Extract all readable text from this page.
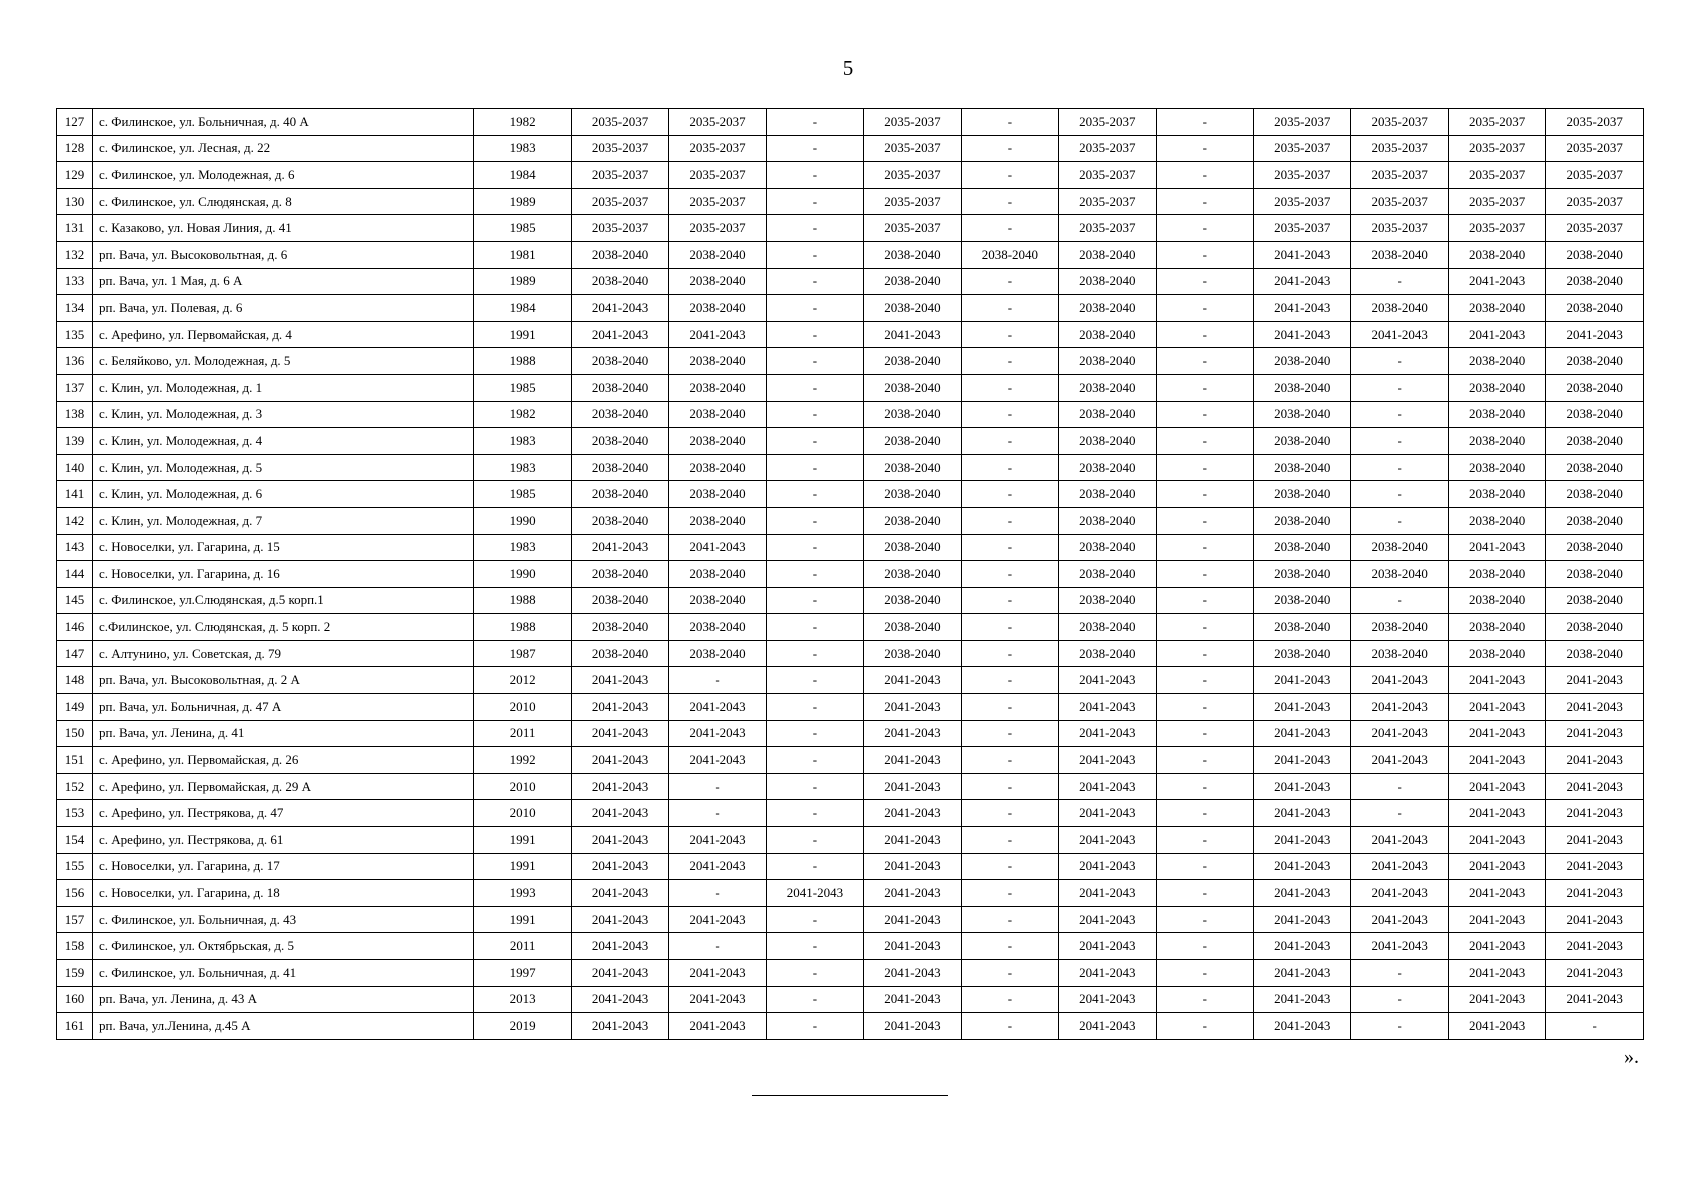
5
127	с. Филинское, ул. Больничная, д. 40 А	1982	2035-2037	2035-2037	-	2035-2037	-	2035-2037	-	2035-2037	2035-2037	2035-2037	2035-2037
128	с. Филинское, ул. Лесная, д. 22	1983	2035-2037	2035-2037	-	2035-2037	-	2035-2037	-	2035-2037	2035-2037	2035-2037	2035-2037
129	с. Филинское, ул. Молодежная, д. 6	1984	2035-2037	2035-2037	-	2035-2037	-	2035-2037	-	2035-2037	2035-2037	2035-2037	2035-2037
130	с. Филинское, ул. Слюдянская, д. 8	1989	2035-2037	2035-2037	-	2035-2037	-	2035-2037	-	2035-2037	2035-2037	2035-2037	2035-2037
131	с. Казаково, ул. Новая Линия, д. 41	1985	2035-2037	2035-2037	-	2035-2037	-	2035-2037	-	2035-2037	2035-2037	2035-2037	2035-2037
132	рп. Вача, ул. Высоковольтная, д. 6	1981	2038-2040	2038-2040	-	2038-2040	2038-2040	2038-2040	-	2041-2043	2038-2040	2038-2040	2038-2040
133	рп. Вача, ул. 1 Мая, д. 6 А	1989	2038-2040	2038-2040	-	2038-2040	-	2038-2040	-	2041-2043	-	2041-2043	2038-2040
134	рп. Вача, ул. Полевая, д. 6	1984	2041-2043	2038-2040	-	2038-2040	-	2038-2040	-	2041-2043	2038-2040	2038-2040	2038-2040
135	с. Арефино, ул. Первомайская, д. 4	1991	2041-2043	2041-2043	-	2041-2043	-	2038-2040	-	2041-2043	2041-2043	2041-2043	2041-2043
136	с. Беляйково, ул. Молодежная, д. 5	1988	2038-2040	2038-2040	-	2038-2040	-	2038-2040	-	2038-2040	-	2038-2040	2038-2040
137	с. Клин, ул. Молодежная, д. 1	1985	2038-2040	2038-2040	-	2038-2040	-	2038-2040	-	2038-2040	-	2038-2040	2038-2040
138	с. Клин, ул. Молодежная, д. 3	1982	2038-2040	2038-2040	-	2038-2040	-	2038-2040	-	2038-2040	-	2038-2040	2038-2040
139	с. Клин, ул. Молодежная, д. 4	1983	2038-2040	2038-2040	-	2038-2040	-	2038-2040	-	2038-2040	-	2038-2040	2038-2040
140	с. Клин, ул. Молодежная, д. 5	1983	2038-2040	2038-2040	-	2038-2040	-	2038-2040	-	2038-2040	-	2038-2040	2038-2040
141	с. Клин, ул. Молодежная, д. 6	1985	2038-2040	2038-2040	-	2038-2040	-	2038-2040	-	2038-2040	-	2038-2040	2038-2040
142	с. Клин, ул. Молодежная, д. 7	1990	2038-2040	2038-2040	-	2038-2040	-	2038-2040	-	2038-2040	-	2038-2040	2038-2040
143	с. Новоселки, ул. Гагарина, д. 15	1983	2041-2043	2041-2043	-	2038-2040	-	2038-2040	-	2038-2040	2038-2040	2041-2043	2038-2040
144	с. Новоселки, ул. Гагарина, д. 16	1990	2038-2040	2038-2040	-	2038-2040	-	2038-2040	-	2038-2040	2038-2040	2038-2040	2038-2040
145	с. Филинское, ул.Слюдянская, д.5 корп.1	1988	2038-2040	2038-2040	-	2038-2040	-	2038-2040	-	2038-2040	-	2038-2040	2038-2040
146	с.Филинское, ул. Слюдянская, д. 5 корп. 2	1988	2038-2040	2038-2040	-	2038-2040	-	2038-2040	-	2038-2040	2038-2040	2038-2040	2038-2040
147	с. Алтунино, ул. Советская, д. 79	1987	2038-2040	2038-2040	-	2038-2040	-	2038-2040	-	2038-2040	2038-2040	2038-2040	2038-2040
148	рп. Вача, ул. Высоковольтная, д. 2 А	2012	2041-2043	-	-	2041-2043	-	2041-2043	-	2041-2043	2041-2043	2041-2043	2041-2043
149	рп. Вача, ул. Больничная, д. 47 А	2010	2041-2043	2041-2043	-	2041-2043	-	2041-2043	-	2041-2043	2041-2043	2041-2043	2041-2043
150	рп. Вача, ул. Ленина, д. 41	2011	2041-2043	2041-2043	-	2041-2043	-	2041-2043	-	2041-2043	2041-2043	2041-2043	2041-2043
151	с. Арефино, ул. Первомайская, д. 26	1992	2041-2043	2041-2043	-	2041-2043	-	2041-2043	-	2041-2043	2041-2043	2041-2043	2041-2043
152	с. Арефино, ул. Первомайская, д. 29 А	2010	2041-2043	-	-	2041-2043	-	2041-2043	-	2041-2043	-	2041-2043	2041-2043
153	с. Арефино, ул. Пестрякова, д. 47	2010	2041-2043	-	-	2041-2043	-	2041-2043	-	2041-2043	-	2041-2043	2041-2043
154	с. Арефино, ул. Пестрякова, д. 61	1991	2041-2043	2041-2043	-	2041-2043	-	2041-2043	-	2041-2043	2041-2043	2041-2043	2041-2043
155	с. Новоселки, ул. Гагарина, д. 17	1991	2041-2043	2041-2043	-	2041-2043	-	2041-2043	-	2041-2043	2041-2043	2041-2043	2041-2043
156	с. Новоселки, ул. Гагарина, д. 18	1993	2041-2043	-	2041-2043	2041-2043	-	2041-2043	-	2041-2043	2041-2043	2041-2043	2041-2043
157	с. Филинское, ул. Больничная, д. 43	1991	2041-2043	2041-2043	-	2041-2043	-	2041-2043	-	2041-2043	2041-2043	2041-2043	2041-2043
158	с. Филинское, ул. Октябрьская, д. 5	2011	2041-2043	-	-	2041-2043	-	2041-2043	-	2041-2043	2041-2043	2041-2043	2041-2043
159	с. Филинское, ул. Больничная, д. 41	1997	2041-2043	2041-2043	-	2041-2043	-	2041-2043	-	2041-2043	-	2041-2043	2041-2043
160	рп. Вача, ул. Ленина, д. 43 А	2013	2041-2043	2041-2043	-	2041-2043	-	2041-2043	-	2041-2043	-	2041-2043	2041-2043
161	рп. Вача, ул.Ленина, д.45 А	2019	2041-2043	2041-2043	-	2041-2043	-	2041-2043	-	2041-2043	-	2041-2043	-
».
